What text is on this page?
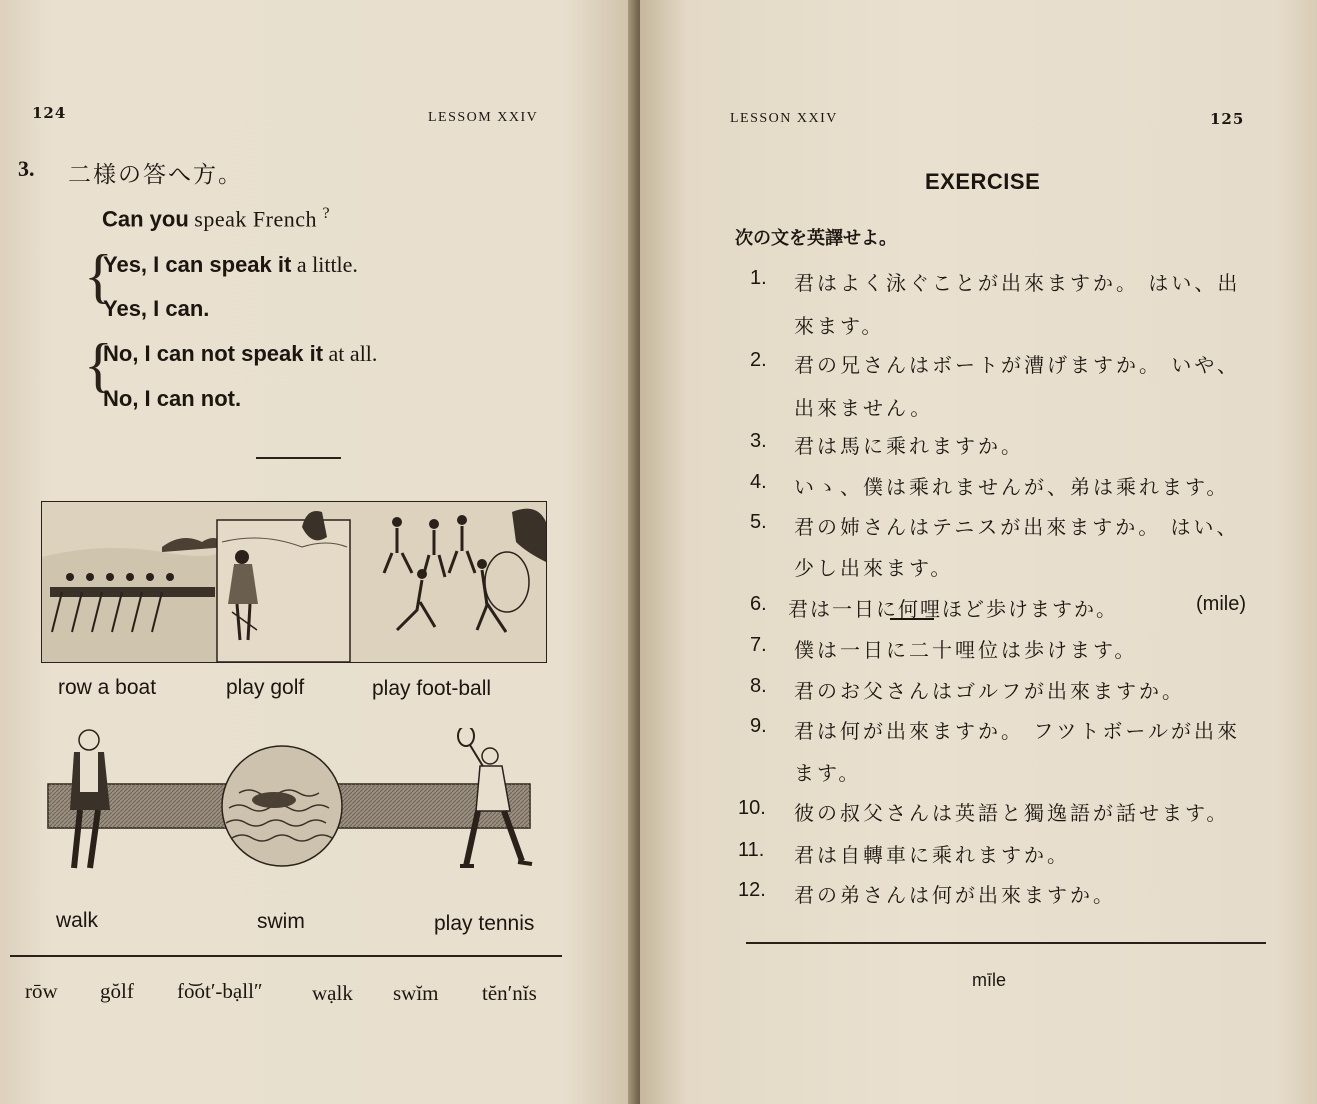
124	LESSOM XXIV
3. 二様の答へ方。
Can you speak French ?
{
Yes, I can speak it a little.
Yes, I can.
{
No, I can not speak it at all.
No, I can not.
row a boat	play golf	play foot-ball
walk	swim	play tennis
rōw gŏlf fo͝ot′-bạll″ wạlk swĭm tĕn′nĭs
LESSON XXIV	125
EXERCISE
次の文を英譯せよ。
1. 君はよく泳ぐことが出來ますか。 はい、出
來ます。
2. 君の兄さんはボートが漕げますか。 いや、
出來ません。
3. 君は馬に乘れますか。
4. いゝ、僕は乘れませんが、弟は乘れます。
5. 君の姉さんはテニスが出來ますか。 はい、
少し出來ます。
6. 君は一日に何哩ほど歩けますか。	(mile)
7. 僕は一日に二十哩位は歩けます。
8. 君のお父さんはゴルフが出來ますか。
9. 君は何が出來ますか。 フツトボールが出來
ます。
10. 彼の叔父さんは英語と獨逸語が話せます。
11. 君は自轉車に乘れますか。
12. 君の弟さんは何が出來ますか。
mīle
